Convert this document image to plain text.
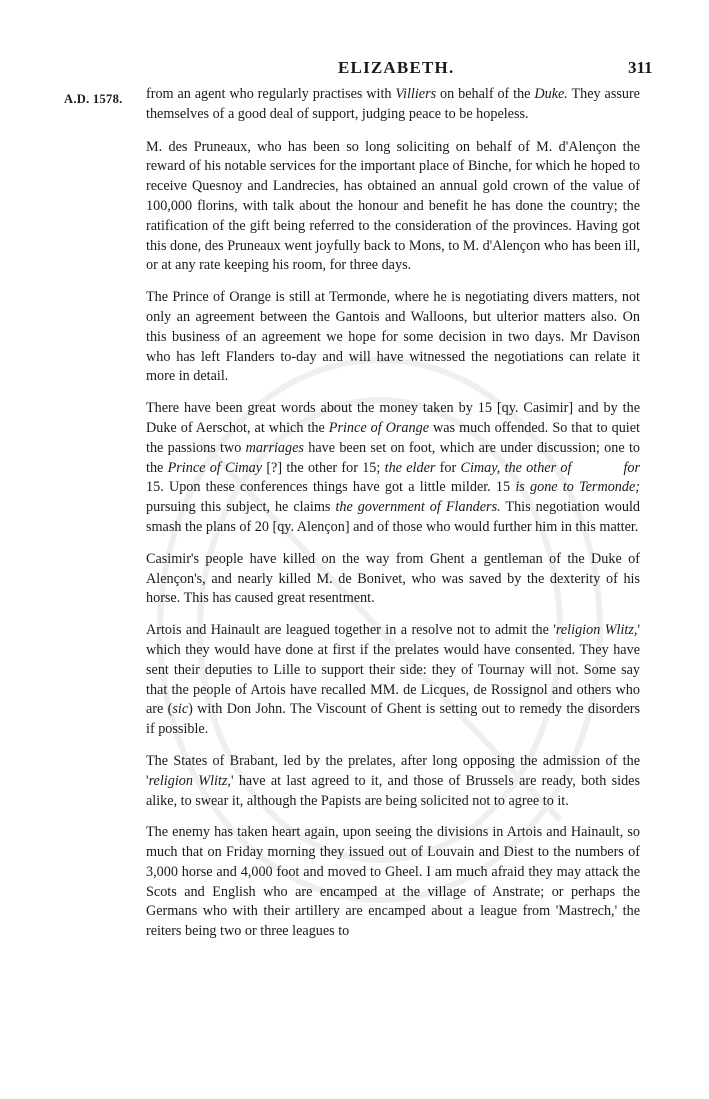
ELIZABETH.	311
A.D. 1578. from an agent who regularly practises with Villiers on behalf of the Duke. They assure themselves of a good deal of support, judging peace to be hopeless.

M. des Pruneaux, who has been so long soliciting on behalf of M. d'Alençon the reward of his notable services for the important place of Binche, for which he hoped to receive Quesnoy and Landrecies, has obtained an annual gold crown of the value of 100,000 florins, with talk about the honour and benefit he has done the country; the ratification of the gift being referred to the consideration of the provinces. Having got this done, des Pruneaux went joyfully back to Mons, to M. d'Alençon who has been ill, or at any rate keeping his room, for three days.

The Prince of Orange is still at Termonde, where he is negotiating divers matters, not only an agreement between the Gantois and Walloons, but ulterior matters also. On this business of an agreement we hope for some decision in two days. Mr Davison who has left Flanders to-day and will have witnessed the negotiations can relate it more in detail.

There have been great words about the money taken by 15 [qy. Casimir] and by the Duke of Aerschot, at which the Prince of Orange was much offended. So that to quiet the passions two marriages have been set on foot, which are under discussion; one to the Prince of Cimay [?] the other for 15; the elder for Cimay, the other of	for 15. Upon these conferences things have got a little milder. 15 is gone to Termonde; pursuing this subject, he claims the government of Flanders. This negotiation would smash the plans of 20 [qy. Alençon] and of those who would further him in this matter.

Casimir's people have killed on the way from Ghent a gentleman of the Duke of Alençon's, and nearly killed M. de Bonivet, who was saved by the dexterity of his horse. This has caused great resentment.

Artois and Hainault are leagued together in a resolve not to admit the 'religion Wlitz,' which they would have done at first if the prelates would have consented. They have sent their deputies to Lille to support their side: they of Tournay will not. Some say that the people of Artois have recalled MM. de Licques, de Rossignol and others who are (sic) with Don John. The Viscount of Ghent is setting out to remedy the disorders if possible.

The States of Brabant, led by the prelates, after long opposing the admission of the 'religion Wlitz,' have at last agreed to it, and those of Brussels are ready, both sides alike, to swear it, although the Papists are being solicited not to agree to it.

The enemy has taken heart again, upon seeing the divisions in Artois and Hainault, so much that on Friday morning they issued out of Louvain and Diest to the numbers of 3,000 horse and 4,000 foot and moved to Gheel. I am much afraid they may attack the Scots and English who are encamped at the village of Anstrate; or perhaps the Germans who with their artillery are encamped about a league from 'Mastrech,' the reiters being two or three leagues to
